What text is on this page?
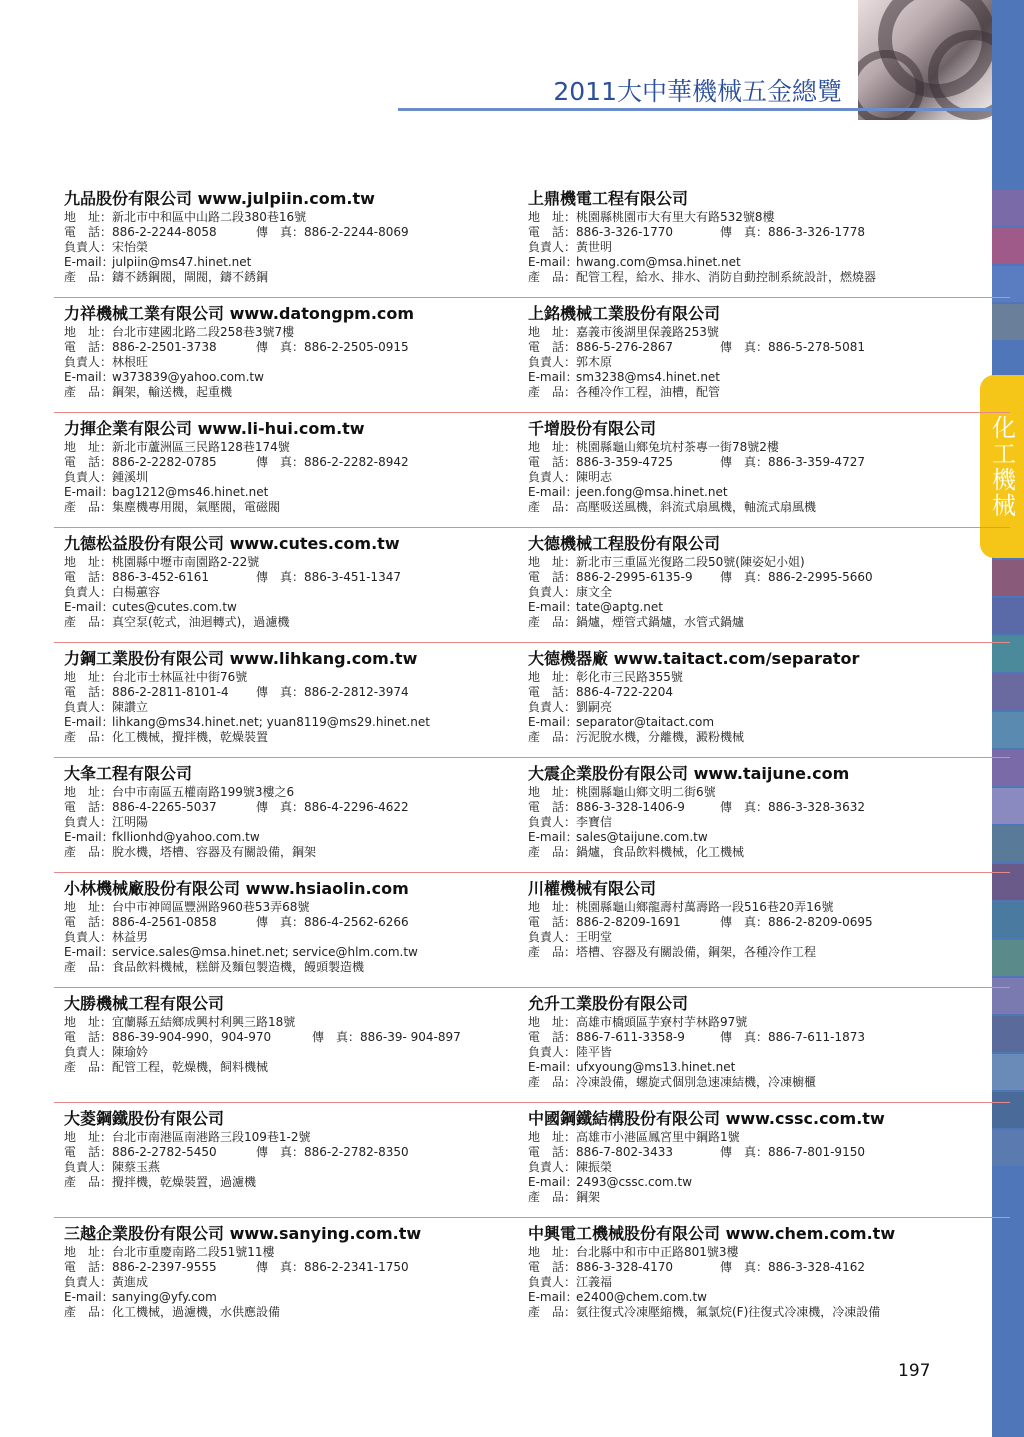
2011大中華機械五金總覽
化工機械
九品股份有限公司 www.julpiin.com.tw
地　址： 新北市中和區中山路二段380巷16號
電　話： 886-2-2244-8058	傳　真： 886-2-2244-8069
負責人： 宋怡榮
E-mail：
julpiin@ms47.hinet.net
產　品： 鑄不銹鋼閥，閘閥，鑄不銹鋼
力祥機械工業有限公司 www.datongpm.com
地　址： 台北市建國北路二段258巷3號7樓
電　話： 886-2-2501-3738	傳　真： 886-2-2505-0915
負責人： 林根旺
E-mail：
w373839@yahoo.com.tw
產　品： 鋼架，輸送機，起重機
力揮企業有限公司 www.li-hui.com.tw
地　址： 新北市蘆洲區三民路128巷174號
電　話： 886-2-2282-0785	傳　真： 886-2-2282-8942
負責人： 鍾溪圳
E-mail：
bag1212@ms46.hinet.net
產　品： 集塵機專用閥，氣壓閥，電磁閥
九德松益股份有限公司 www.cutes.com.tw
地　址： 桃園縣中壢市南園路2-22號
電　話： 886-3-452-6161	傳　真： 886-3-451-1347
負責人： 白楊蕙容
E-mail：
cutes@cutes.com.tw
產　品： 真空泵(乾式，油迴轉式)，過濾機
力鋼工業股份有限公司 www.lihkang.com.tw
地　址： 台北市士林區社中街76號
電　話： 886-2-2811-8101-4 傳　真： 886-2-2812-3974
負責人： 陳讚立
E-mail：
lihkang@ms34.hinet.net; yuan8119@ms29.hinet.net
產　品： 化工機械，攪拌機，乾燥裝置
大夆工程有限公司
地　址： 台中市南區五權南路199號3樓之6
電　話： 886-4-2265-5037	傳　真： 886-4-2296-4622
負責人： 江明陽
E-mail：
fkllionhd@yahoo.com.tw
產　品： 脫水機，塔槽、容器及有關設備，鋼架
小林機械廠股份有限公司 www.hsiaolin.com
地　址： 台中市神岡區豐洲路960巷53弄68號
電　話： 886-4-2561-0858	傳　真： 886-4-2562-6266
負責人： 林益男
E-mail：
service.sales@msa.hinet.net; service@hlm.com.tw
產　品： 食品飲料機械，糕餅及麵包製造機，饅頭製造機
大勝機械工程有限公司
地　址： 宜蘭縣五結鄉成興村利興三路18號
電　話： 886-39-904-990，904-970	傳　真： 886-39- 904-897
負責人： 陳瑜妗
產　品： 配管工程，乾燥機，飼料機械
大菱鋼鐵股份有限公司
地　址： 台北市南港區南港路三段109巷1-2號
電　話： 886-2-2782-5450	傳　真： 886-2-2782-8350
負責人： 陳蔡玉燕
產　品： 攪拌機，乾燥裝置，過濾機
三越企業股份有限公司 www.sanying.com.tw
地　址： 台北市重慶南路二段51號11樓
電　話： 886-2-2397-9555	傳　真： 886-2-2341-1750
負責人： 黃進成
E-mail：
sanying@yfy.com
產　品： 化工機械，過濾機，水供應設備
上鼎機電工程有限公司
地　址： 桃園縣桃園市大有里大有路532號8樓
電　話： 886-3-326-1770	傳　真： 886-3-326-1778
負責人： 黃世明
E-mail：
hwang.com@msa.hinet.net
產　品： 配管工程，給水、排水、消防自動控制系統設計，燃燒器
上銘機械工業股份有限公司
地　址： 嘉義市後湖里保義路253號
電　話： 886-5-276-2867	傳　真： 886-5-278-5081
負責人： 郭木原
E-mail：
sm3238@ms4.hinet.net
產　品： 各種冷作工程，油槽，配管
千增股份有限公司
地　址： 桃園縣龜山鄉兔坑村茶專一街78號2樓
電　話： 886-3-359-4725	傳　真： 886-3-359-4727
負責人： 陳明志
E-mail：
jeen.fong@msa.hinet.net
產　品： 高壓吸送風機，斜流式扇風機，軸流式扇風機
大德機械工程股份有限公司
地　址： 新北市三重區光復路二段50號(陳姿妃小姐)
電　話： 886-2-2995-6135-9 傳　真： 886-2-2995-5660
負責人： 康文全
E-mail：
tate@aptg.net
產　品： 鍋爐，煙管式鍋爐，水管式鍋爐
大德機器廠 www.taitact.com/separator
地　址： 彰化市三民路355號
電　話： 886-4-722-2204
負責人： 劉嗣亮
E-mail：
separator@taitact.com
產　品： 污泥脫水機，分離機，澱粉機械
大震企業股份有限公司 www.taijune.com
地　址： 桃園縣龜山鄉文明二街6號
電　話： 886-3-328-1406-9	傳　真： 886-3-328-3632
負責人： 李寶信
E-mail：
sales@taijune.com.tw
產　品： 鍋爐，食品飲料機械，化工機械
川權機械有限公司
地　址： 桃園縣龜山鄉龍壽村萬壽路一段516巷20弄16號
電　話： 886-2-8209-1691	傳　真： 886-2-8209-0695
負責人： 王明堂
產　品： 塔槽、容器及有關設備，鋼架，各種冷作工程
允升工業股份有限公司
地　址： 高雄市橋頭區芋寮村芋林路97號
電　話： 886-7-611-3358-9	傳　真： 886-7-611-1873
負責人： 陸平皆
E-mail：
ufxyoung@ms13.hinet.net
產　品： 冷凍設備，螺旋式個別急速凍結機，冷凍櫥櫃
中國鋼鐵結構股份有限公司 www.cssc.com.tw
地　址： 高雄市小港區鳳宮里中鋼路1號
電　話： 886-7-802-3433	傳　真： 886-7-801-9150
負責人： 陳振榮
E-mail：
2493@cssc.com.tw
產　品： 鋼架
中興電工機械股份有限公司 www.chem.com.tw
地　址： 台北縣中和市中正路801號3樓
電　話： 886-3-328-4170	傳　真： 886-3-328-4162
負責人： 江義福
E-mail：
e2400@chem.com.tw
產　品： 氨往復式冷凍壓縮機，氟氯烷(F)往復式冷凍機，冷凍設備
197
